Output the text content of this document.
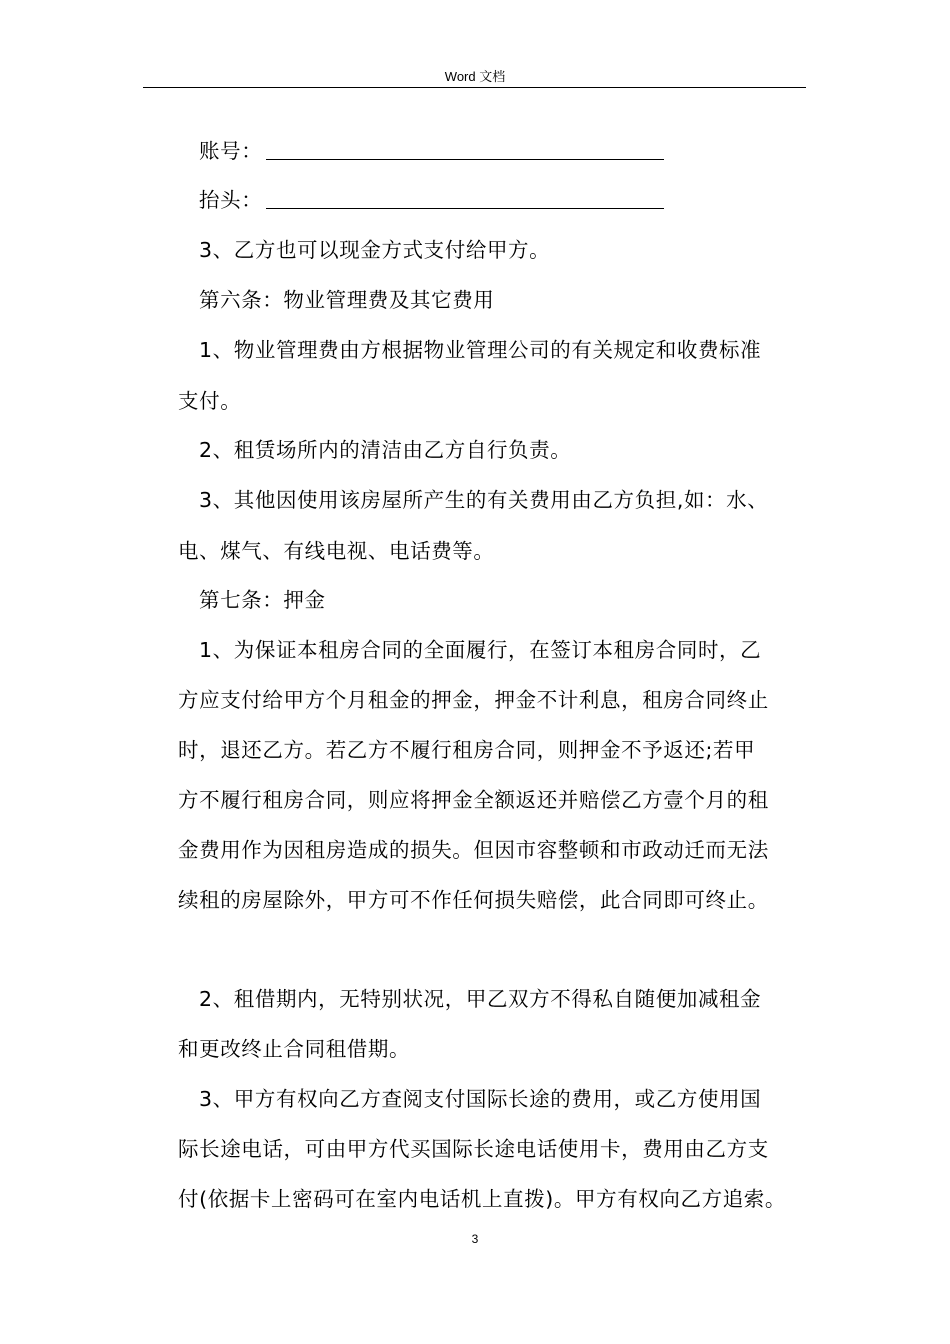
Word 文档
账号：
抬头：
3、乙方也可以现金方式支付给甲方。
第六条：物业管理费及其它费用
1、物业管理费由方根据物业管理公司的有关规定和收费标准
支付。
2、租赁场所内的清洁由乙方自行负责。
3、其他因使用该房屋所产生的有关费用由乙方负担,如：水、
电、煤气、有线电视、电话费等。
第七条：押金
1、为保证本租房合同的全面履行，在签订本租房合同时，乙
方应支付给甲方个月租金的押金，押金不计利息，租房合同终止
时，退还乙方。若乙方不履行租房合同，则押金不予返还;若甲
方不履行租房合同，则应将押金全额返还并赔偿乙方壹个月的租
金费用作为因租房造成的损失。但因市容整顿和市政动迁而无法
续租的房屋除外，甲方可不作任何损失赔偿，此合同即可终止。
2、租借期内，无特别状况，甲乙双方不得私自随便加减租金
和更改终止合同租借期。
3、甲方有权向乙方查阅支付国际长途的费用，或乙方使用国
际长途电话，可由甲方代买国际长途电话使用卡，费用由乙方支
付(依据卡上密码可在室内电话机上直拨)。甲方有权向乙方追索。
3
